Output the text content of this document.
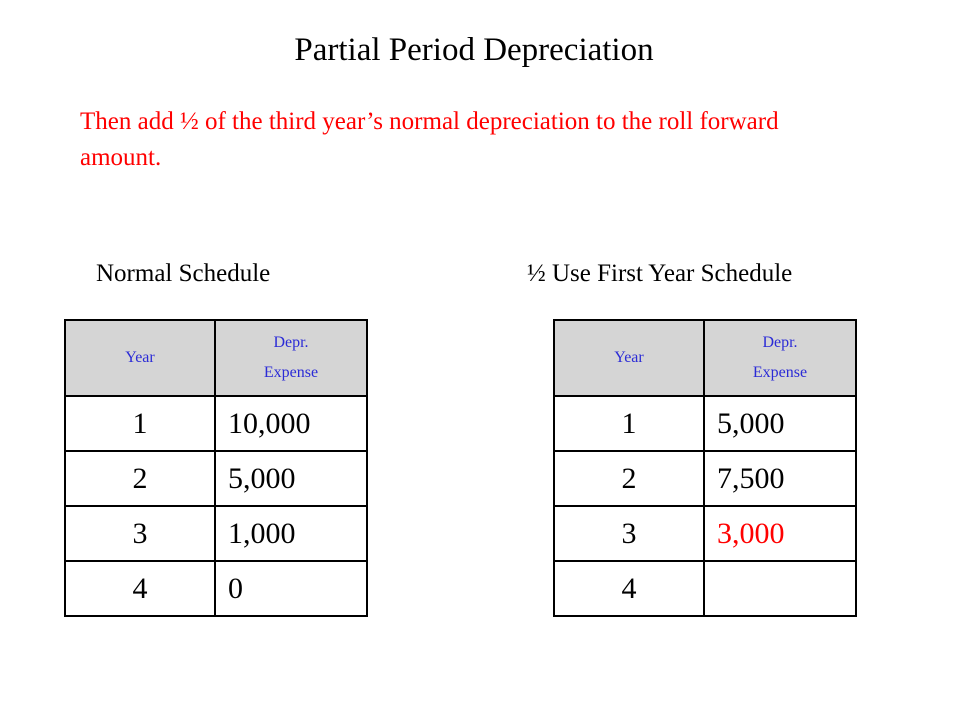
Partial Period Depreciation
Then add ½ of the third year’s normal depreciation to the roll forward amount.
Normal Schedule	½ Use First Year Schedule
Year	Depr.
Expense

1	10,000
2	5,000
3	1,000
4	0
Year	Depr.
Expense

1	5,000
2	7,500
3	3,000
4	
